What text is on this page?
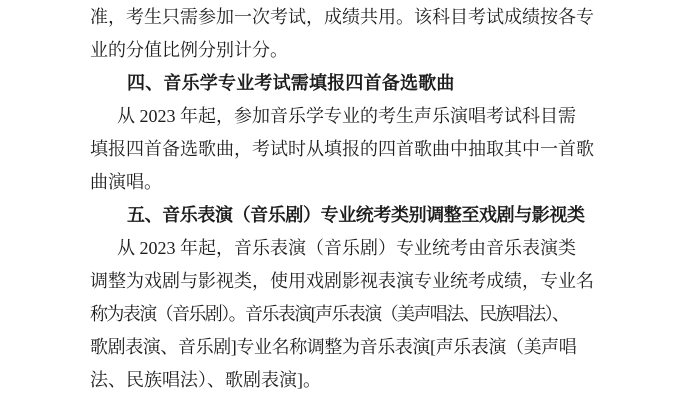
准，考生只需参加一次考试，成绩共用。该科目考试成绩按各专
业的分值比例分别计分。
四、音乐学专业考试需填报四首备选歌曲
从 2023 年起，参加音乐学专业的考生声乐演唱考试科目需
填报四首备选歌曲，考试时从填报的四首歌曲中抽取其中一首歌
曲演唱。
五、音乐表演（音乐剧）专业统考类别调整至戏剧与影视类
从 2023 年起，音乐表演（音乐剧）专业统考由音乐表演类
调整为戏剧与影视类，使用戏剧影视表演专业统考成绩，专业名
称为表演（音乐剧）。音乐表演[声乐表演（美声唱法、民族唱法）、
歌剧表演、音乐剧]专业名称调整为音乐表演[声乐表演（美声唱
法、民族唱法）、歌剧表演]。
